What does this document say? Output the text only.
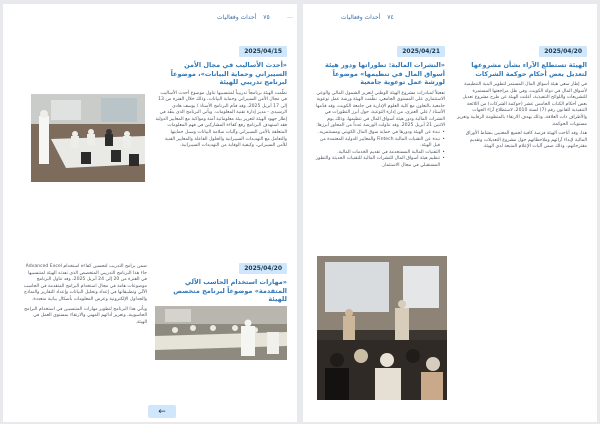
٧٥ أحداث وفعاليات
2025/04/15
«أحدث الأساليب في مجال الأمن السيبراني وحماية البيانات»، موضوعاً لبرنامج تدريبي للهيئة
نظّمت الهيئة برنامجاً تدريبياً لمنتسبيها تناول موضوع أحدث الأساليب في مجال الأمن السيبراني وحماية البيانات، وذلك خلال الفترة من 13 إلى 17 أبريل 2025، وقد قدّم البرنامج الأستاذ / يوسف هادي الرشيدي - مدير إدارة تقنية المعلومات. ويأتي البرنامج الذي ينفّذ في إطار جهود الهيئة لتعزيز بيئة معلوماتية آمنة ومواكبة مع المعايير الدولية فقد استهدف البرنامج رفع كفاءة المشاركين في فهم المعلومات المتعلقة بالأمن السيبراني وآليات سلامة البيانات وسبل حمايتها والتعامل مع التهديدات السيبرانية والحلول الفاعلة والمعايير الفنية للأمن السيبراني، وكيفية الوقاية من التهديدات السيبرانية.
2025/04/20
«مهارات استخدام الحاسب الآلي المتقدمة» موضوعاً لبرنامج متخصص للهيئة
ضمن برامج التدريب لتحسين كفاءة استخدام Advanced Excel جاء هذا البرنامج التدريبي المتخصص الذي نفذته الهيئة لمنتسبيها في الفترة من 20 إلى 24 أبريل 2025، وقد تناول البرنامج موضوعات هامة في مجال استخدام البرامج المتقدمة في الحاسب الآلي وتطبيقاتها في إعداد وتحليل البيانات وإعداد التقارير والنماذج والجداول الإلكترونية وعرض المعلومات بأشكال بيانية متعددة.
ويأتي هذا البرنامج لتطوير مهارات المنتسبين في استخدام البرامج الحاسوبية، وتعزيز أدائهم المهني والارتقاء بمستوى العمل في الهيئة.
←
٧٤ أحداث وفعاليات
2025/04/21
«النشرات المالية: تطوراتها ودور هيئة أسواق المال في تنظيمها» موضوعاً لورشة عمل توعوية جامعية
تفعيلاً لمبادرات مشروع الهيئة الوطني لتعزير الشمول المالي والوعي الاستثماري على المستوى الجامعي، نظّمت الهيئة ورشة عمل توعوية جامعية بالتعاون مع كلية العلوم الإدارية في جامعة الكويت، وقد قدّمها الأستاذ / علي العنزي، من إدارة التوعية، حول أبرز التطورات في النشرات المالية ودور هيئة أسواق المال في تنظيمها، وذلك يوم الاثنين 21 أبريل 2025. وقد تناولت الورشة عدداً من المحاور أبرزها:
• نبذة عن الهيئة ودورها في حماية سوق المال الكويتي ومستثمريه.
• نبذة عن التقنيات المالية Fintech والمعايير الدولية المعتمدة من قبل الهيئة.
• التقنيات المالية المستخدمة في تقديم الخدمات المالية.
• تنظيم هيئة أسواق المال للنشرات المالية للتقنيات الحديثة والتطور المستقبلي في مجال الاستثمار.
2025/04/20
الهيئة تستطلع الآراء بشأن مشروعها لتعديل بعض أحكام حوكمة الشركات
في إطار سعي هيئة أسواق المال المستمر لتطوير البنية التنظيمية لأسواق المال في دولة الكويت، وفي ظل مراجعتها المستمرة للتشريعات واللوائح التنفيذية، أعلنت الهيئة عن طرح مشروع تعديل بعض أحكام الكتاب الخامس عشر (حوكمة الشركات) من اللائحة التنفيذية للقانون رقم (7) لسنة 2010، لاستطلاع آراء الجهات والأطراف ذات العلاقة، وذلك بهدف الارتقاء بالمنظومة الرقابية وتعزيز مستويات الحوكمة.
هذا، وقد أتاحت الهيئة فرصة كافية لجميع المعنيين بنشاط الأوراق المالية لإبداء آرائهم وملاحظاتهم حول مشروع التعديلات وتقديم مقترحاتهم، وذلك ضمن آليات الإعلام المتبعة لدى الهيئة.
